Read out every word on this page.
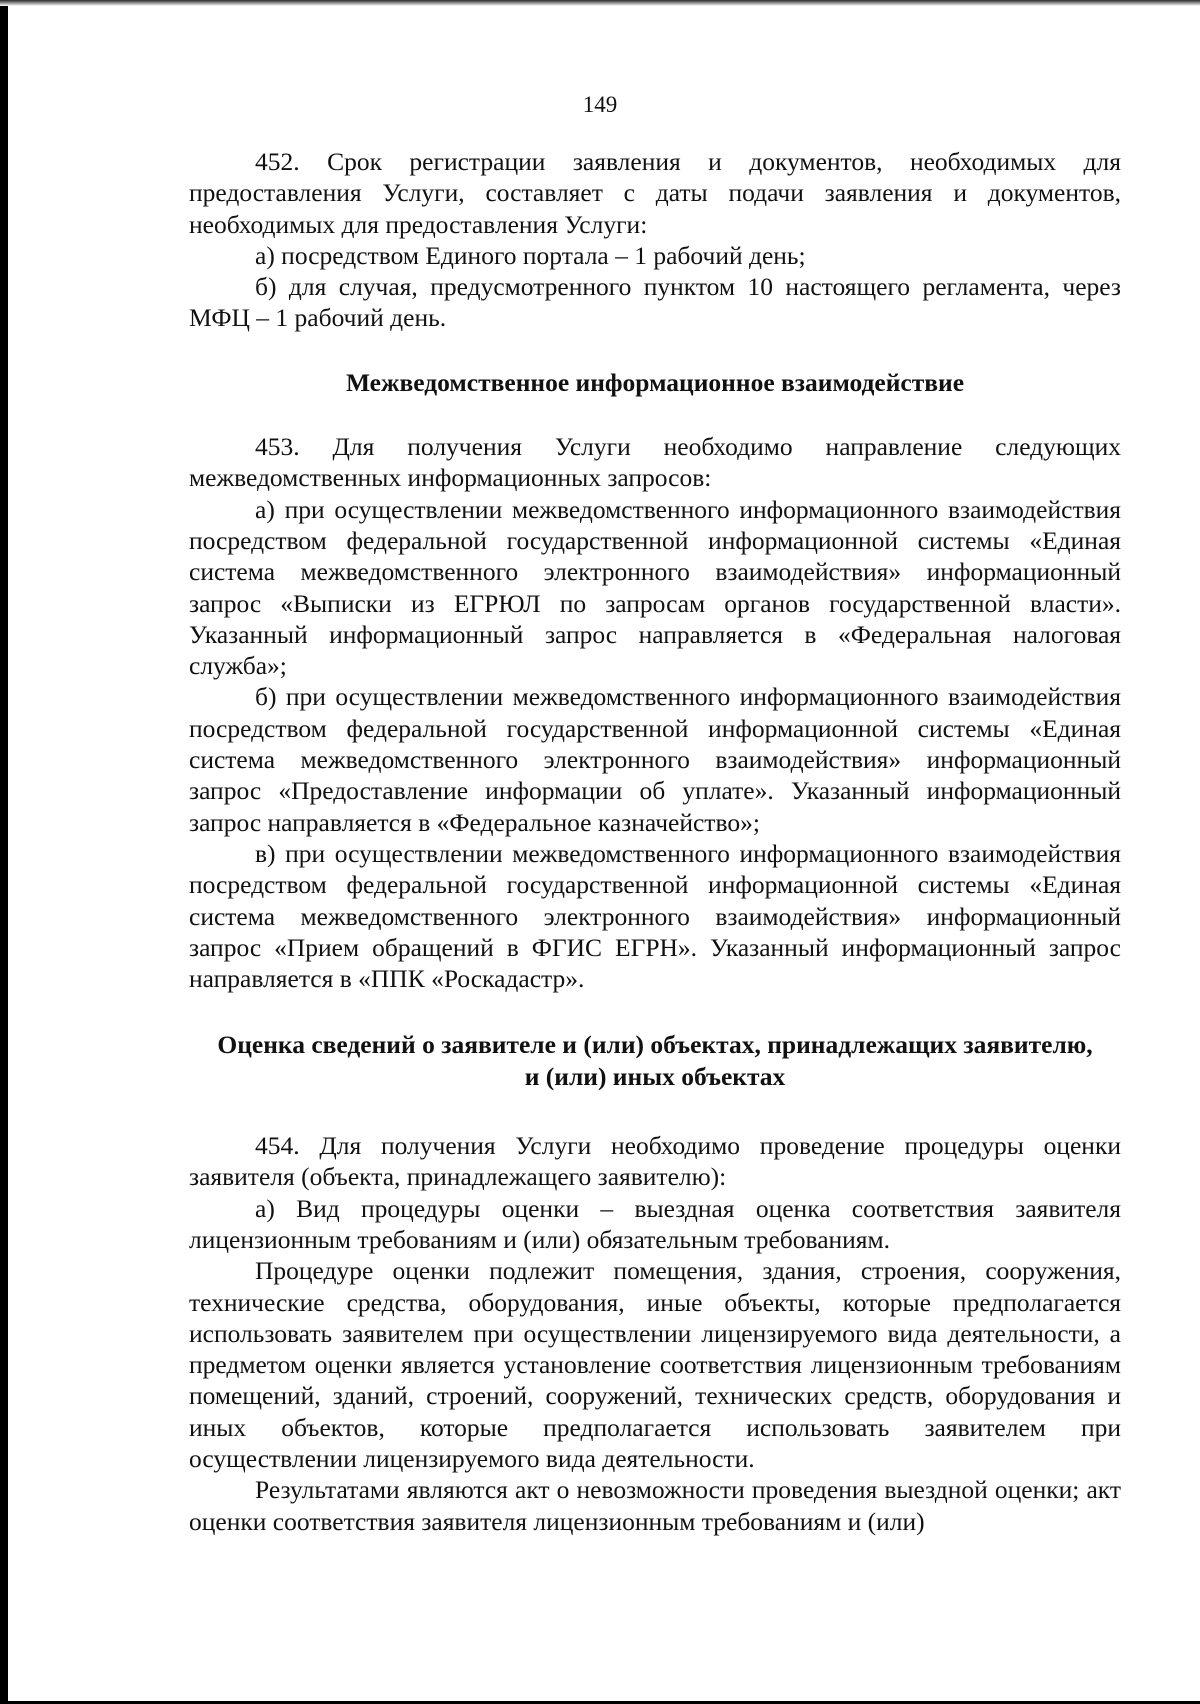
149

452. Срок регистрации заявления и документов, необходимых для предоставления Услуги, составляет с даты подачи заявления и документов, необходимых для предоставления Услуги:

а) посредством Единого портала – 1 рабочий день;

б) для случая, предусмотренного пунктом 10 настоящего регламента, через МФЦ – 1 рабочий день.

Межведомственное информационное взаимодействие

453. Для получения Услуги необходимо направление следующих межведомственных информационных запросов:

а) при осуществлении межведомственного информационного взаимодействия посредством федеральной государственной информационной системы «Единая система межведомственного электронного взаимодействия» информационный запрос «Выписки из ЕГРЮЛ по запросам органов государственной власти». Указанный информационный запрос направляется в «Федеральная налоговая служба»;

б) при осуществлении межведомственного информационного взаимодействия посредством федеральной государственной информационной системы «Единая система межведомственного электронного взаимодействия» информационный запрос «Предоставление информации об уплате». Указанный информационный запрос направляется в «Федеральное казначейство»;

в) при осуществлении межведомственного информационного взаимодействия посредством федеральной государственной информационной системы «Единая система межведомственного электронного взаимодействия» информационный запрос «Прием обращений в ФГИС ЕГРН». Указанный информационный запрос направляется в «ППК «Роскадастр».

Оценка сведений о заявителе и (или) объектах, принадлежащих заявителю,
и (или) иных объектах

454. Для получения Услуги необходимо проведение процедуры оценки заявителя (объекта, принадлежащего заявителю):

а) Вид процедуры оценки – выездная оценка соответствия заявителя лицензионным требованиям и (или) обязательным требованиям.

Процедуре оценки подлежит помещения, здания, строения, сооружения, технические средства, оборудования, иные объекты, которые предполагается использовать заявителем при осуществлении лицензируемого вида деятельности, а предметом оценки является установление соответствия лицензионным требованиям помещений, зданий, строений, сооружений, технических средств, оборудования и иных объектов, которые предполагается использовать заявителем при осуществлении лицензируемого вида деятельности.

Результатами являются акт о невозможности проведения выездной оценки; акт оценки соответствия заявителя лицензионным требованиям и (или)
